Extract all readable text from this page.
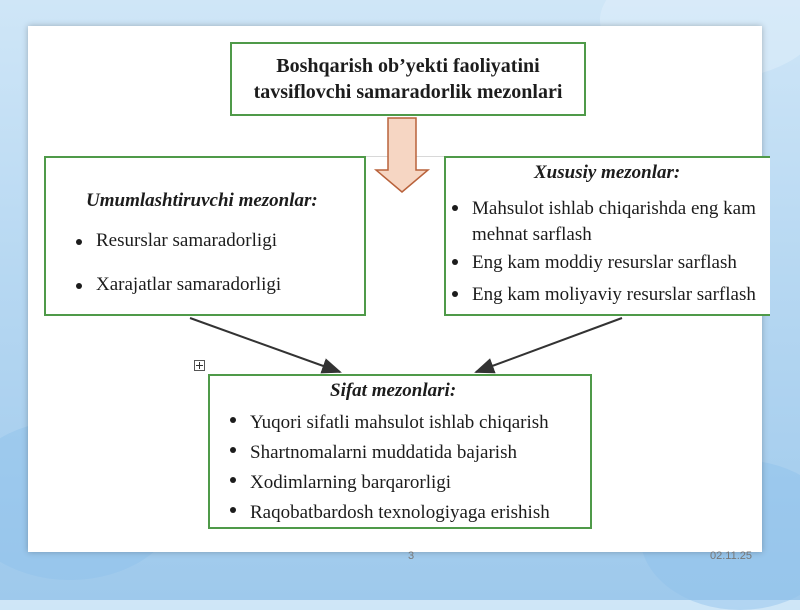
Boshqarish ob’yekti faoliyatini
tavsiflovchi samaradorlik mezonlari
Umumlashtiruvchi mezonlar:
Resurslar samaradorligi
Xarajatlar samaradorligi
Xususiy mezonlar:
Mahsulot ishlab chiqarishda eng kam
mehnat sarflash
Eng kam moddiy resurslar sarflash
Eng kam moliyaviy resurslar sarflash
Sifat mezonlari:
Yuqori sifatli mahsulot ishlab chiqarish
Shartnomalarni muddatida bajarish
Xodimlarning barqarorligi
Raqobatbardosh texnologiyaga erishish
3	02.11.25
